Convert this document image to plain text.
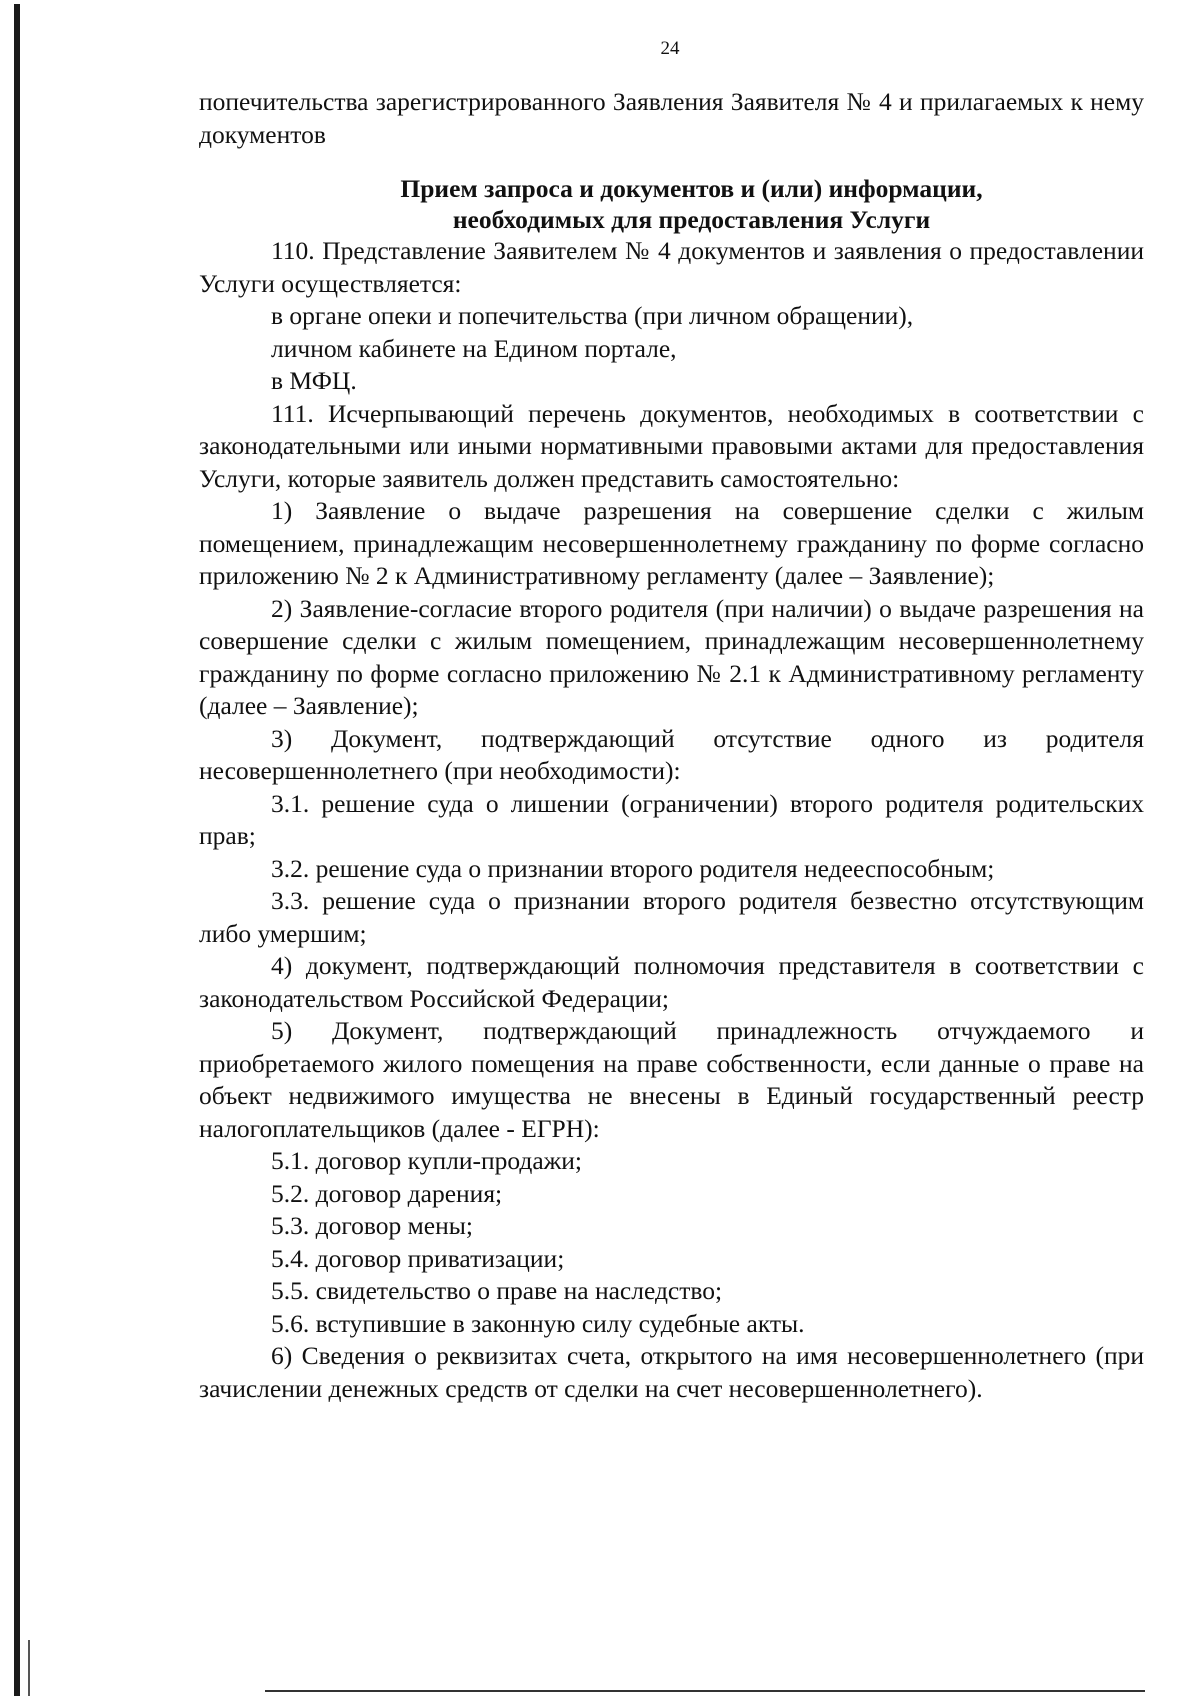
24

попечительства зарегистрированного Заявления Заявителя № 4 и прилагаемых к нему документов

Прием запроса и документов и (или) информации,
необходимых для предоставления Услуги

110. Представление Заявителем № 4 документов и заявления о предоставлении Услуги осуществляется:

в органе опеки и попечительства (при личном обращении),

личном кабинете на Едином портале,

в МФЦ.

111. Исчерпывающий перечень документов, необходимых в соответствии с законодательными или иными нормативными правовыми актами для предоставления Услуги, которые заявитель должен представить самостоятельно:

1) Заявление о выдаче разрешения на совершение сделки с жилым помещением, принадлежащим несовершеннолетнему гражданину по форме согласно приложению № 2 к Административному регламенту (далее – Заявление);

2) Заявление-согласие второго родителя (при наличии) о выдаче разрешения на совершение сделки с жилым помещением, принадлежащим несовершеннолетнему гражданину по форме согласно приложению № 2.1 к Административному регламенту (далее – Заявление);

3) Документ, подтверждающий отсутствие одного из родителя несовершеннолетнего (при необходимости):

3.1. решение суда о лишении (ограничении) второго родителя родительских прав;

3.2. решение суда о признании второго родителя недееспособным;

3.3. решение суда о признании второго родителя безвестно отсутствующим либо умершим;

4) документ, подтверждающий полномочия представителя в соответствии с законодательством Российской Федерации;

5) Документ, подтверждающий принадлежность отчуждаемого и приобретаемого жилого помещения на праве собственности, если данные о праве на объект недвижимого имущества не внесены в Единый государственный реестр налогоплательщиков (далее - ЕГРН):

5.1. договор купли-продажи;

5.2. договор дарения;

5.3. договор мены;

5.4. договор приватизации;

5.5. свидетельство о праве на наследство;

5.6. вступившие в законную силу судебные акты.

6) Сведения о реквизитах счета, открытого на имя несовершеннолетнего (при зачислении денежных средств от сделки на счет несовершеннолетнего).
